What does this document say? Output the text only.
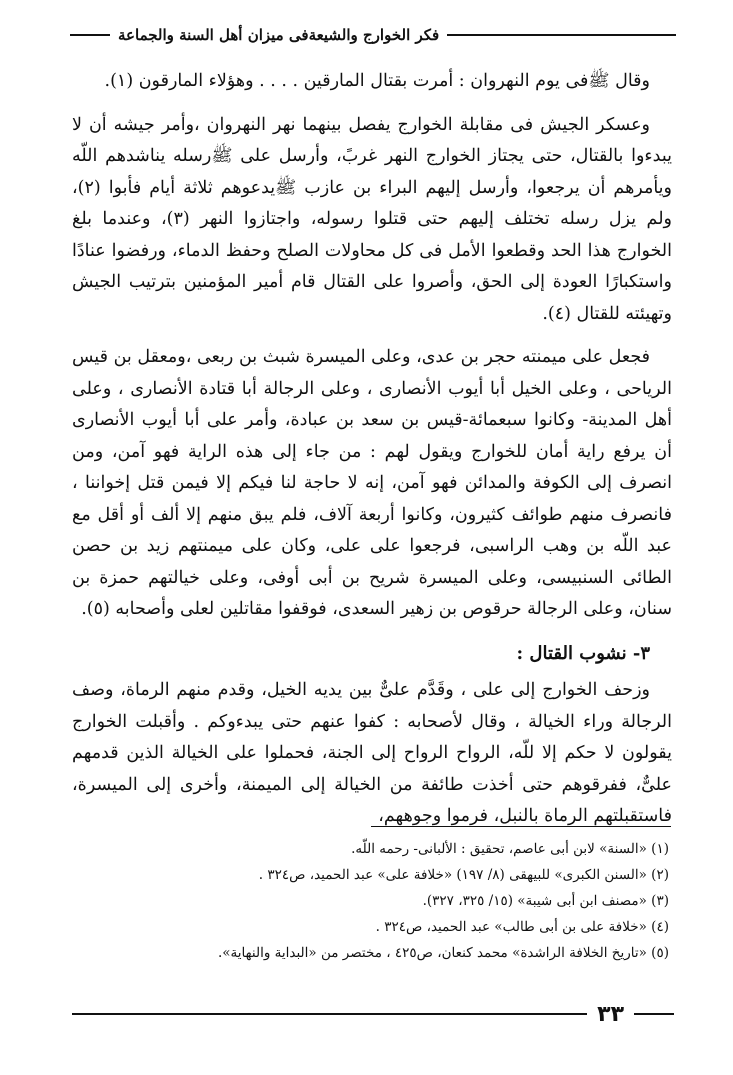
فكر الخوارج والشيعةفى ميزان أهل السنة والجماعة

وقال ﷺفى يوم النهروان : أمرت بقتال المارقين . . . . وهؤلاء المارقون (١).

وعسكر الجيش فى مقابلة الخوارج يفصل بينهما نهر النهروان ،وأمر جيشه أن لا يبدءوا بالقتال، حتى يجتاز الخوارج النهر غربً، وأرسل على ﷺرسله يناشدهم اللّه ويأمرهم أن يرجعوا، وأرسل إليهم البراء بن عازب ﷺيدعوهم ثلاثة أيام فأبوا (٢)، ولم يزل رسله تختلف إليهم حتى قتلوا رسوله، واجتازوا النهر (٣)، وعندما بلغ الخوارج هذا الحد وقطعوا الأمل فى كل محاولات الصلح وحفظ الدماء، ورفضوا عنادًا واستكبارًا العودة إلى الحق، وأصروا على القتال قام أمير المؤمنين بترتيب الجيش وتهيئته للقتال (٤).

فجعل على ميمنته حجر بن عدى، وعلى الميسرة شبث بن ربعى ،ومعقل بن قيس الرياحى ، وعلى الخيل أبا أيوب الأنصارى ، وعلى الرجالة أبا قتادة الأنصارى ، وعلى أهل المدينة- وكانوا سبعمائة-قيس بن سعد بن عبادة، وأمر على أبا أيوب الأنصارى أن يرفع راية أمان للخوارج ويقول لهم : من جاء إلى هذه الراية فهو آمن، ومن انصرف إلى الكوفة والمدائن فهو آمن، إنه لا حاجة لنا فيكم إلا فيمن قتل إخواننا ، فانصرف منهم طوائف كثيرون، وكانوا أربعة آلاف، فلم يبق منهم إلا ألف أو أقل مع عبد اللّه بن وهب الراسبى، فرجعوا على على، وكان على ميمنتهم زيد بن حصن الطائى السنبيسى، وعلى الميسرة شريح بن أبى أوفى، وعلى خيالتهم حمزة بن سنان، وعلى الرجالة حرقوص بن زهير السعدى، فوقفوا مقاتلين لعلى وأصحابه (٥).

٣- نشوب القتال :

وزحف الخوارج إلى على ، وقَدَّم علىٌّ بين يديه الخيل، وقدم منهم الرماة، وصف الرجالة وراء الخيالة ، وقال لأصحابه : كفوا عنهم حتى يبدءوكم . وأقبلت الخوارج يقولون لا حكم إلا للّه، الرواح الرواح إلى الجنة، فحملوا على الخيالة الذين قدمهم علىٌّ، ففرقوهم حتى أخذت طائفة من الخيالة إلى الميمنة، وأخرى إلى الميسرة، فاستقبلتهم الرماة بالنبل، فرموا وجوههم،

(١) «السنة» لابن أبى عاصم، تحقيق : الألبانى- رحمه اللّه.

(٢) «السنن الكبرى» للبيهقى (٨/ ١٩٧) «خلافة على» عبد الحميد، ص٣٢٤ .

(٣) «مصنف ابن أبى شيبة» (١٥/ ٣٢٥، ٣٢٧).

(٤) «خلافة على بن أبى طالب» عبد الحميد، ص٣٢٤ .

(٥) «تاريخ الخلافة الراشدة» محمد كنعان، ص٤٢٥ ، مختصر من «البداية والنهاية».

٣٣
